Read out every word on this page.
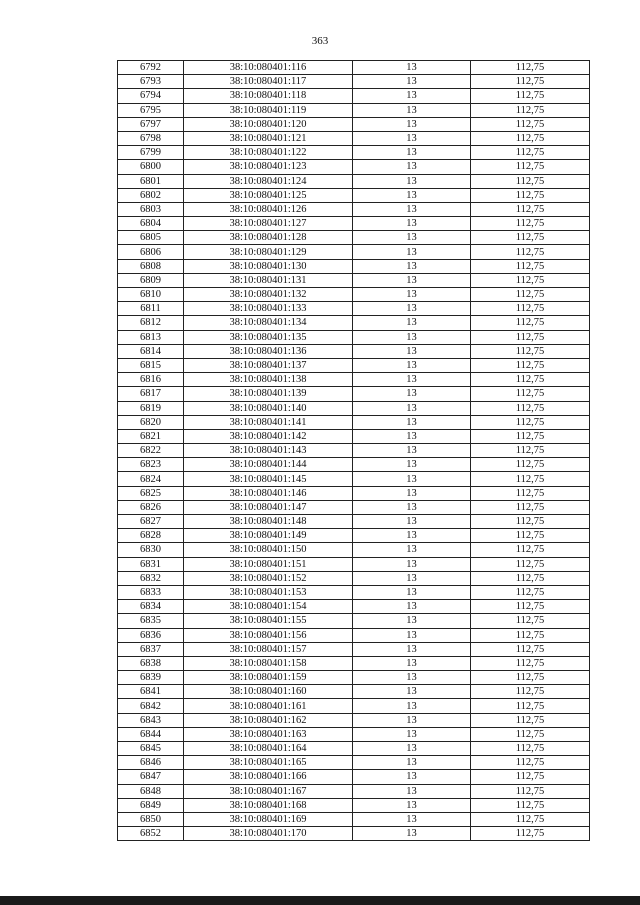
363
6792	38:10:080401:116	13	112,75
6793	38:10:080401:117	13	112,75
6794	38:10:080401:118	13	112,75
6795	38:10:080401:119	13	112,75
6797	38:10:080401:120	13	112,75
6798	38:10:080401:121	13	112,75
6799	38:10:080401:122	13	112,75
6800	38:10:080401:123	13	112,75
6801	38:10:080401:124	13	112,75
6802	38:10:080401:125	13	112,75
6803	38:10:080401:126	13	112,75
6804	38:10:080401:127	13	112,75
6805	38:10:080401:128	13	112,75
6806	38:10:080401:129	13	112,75
6808	38:10:080401:130	13	112,75
6809	38:10:080401:131	13	112,75
6810	38:10:080401:132	13	112,75
6811	38:10:080401:133	13	112,75
6812	38:10:080401:134	13	112,75
6813	38:10:080401:135	13	112,75
6814	38:10:080401:136	13	112,75
6815	38:10:080401:137	13	112,75
6816	38:10:080401:138	13	112,75
6817	38:10:080401:139	13	112,75
6819	38:10:080401:140	13	112,75
6820	38:10:080401:141	13	112,75
6821	38:10:080401:142	13	112,75
6822	38:10:080401:143	13	112,75
6823	38:10:080401:144	13	112,75
6824	38:10:080401:145	13	112,75
6825	38:10:080401:146	13	112,75
6826	38:10:080401:147	13	112,75
6827	38:10:080401:148	13	112,75
6828	38:10:080401:149	13	112,75
6830	38:10:080401:150	13	112,75
6831	38:10:080401:151	13	112,75
6832	38:10:080401:152	13	112,75
6833	38:10:080401:153	13	112,75
6834	38:10:080401:154	13	112,75
6835	38:10:080401:155	13	112,75
6836	38:10:080401:156	13	112,75
6837	38:10:080401:157	13	112,75
6838	38:10:080401:158	13	112,75
6839	38:10:080401:159	13	112,75
6841	38:10:080401:160	13	112,75
6842	38:10:080401:161	13	112,75
6843	38:10:080401:162	13	112,75
6844	38:10:080401:163	13	112,75
6845	38:10:080401:164	13	112,75
6846	38:10:080401:165	13	112,75
6847	38:10:080401:166	13	112,75
6848	38:10:080401:167	13	112,75
6849	38:10:080401:168	13	112,75
6850	38:10:080401:169	13	112,75
6852	38:10:080401:170	13	112,75
